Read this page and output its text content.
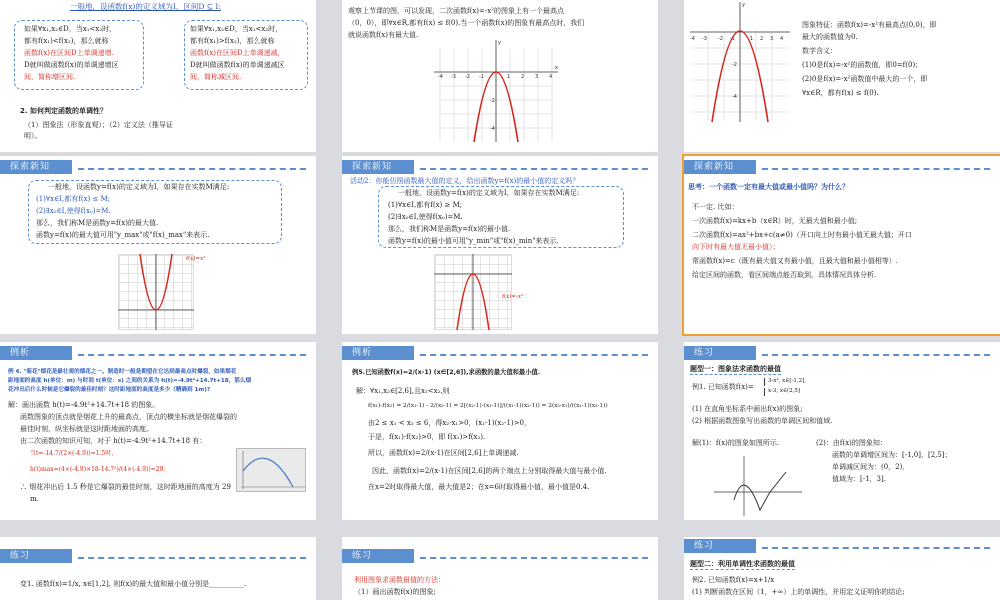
一般地，设函数f(x)的定义域为I，区间D ⊆ I:
如果∀x₁,x₂∈D，当x₁<x₂时，
都有f(x₁)<f(x₂)，那么就称
函数f(x)在区间D上单调递增.
D就叫做函数f(x)的单调递增区
间，简称增区间.
如果∀x₁,x₂∈D，当x₁<x₂时，
都有f(x₁)>f(x₂)，那么就称
函数f(x)在区间D上单调递减，
D就叫做函数f(x)的单调递减区
间，简称减区间.
2. 如何判定函数的单调性？
（1）图象法（形象直观）；（2）定义法（推导证
明）。
观察上节课的图，可以发现，二次函数f(x)=-x²的图象上有一个最高点
（0，0），即∀x∈R,都有f(x) ≤ f(0).当一个函数f(x)的图象有最高点时，我们
就说函数f(x)有最大值.
-4 -3 -2 -1	1 2 3 4
x
y
-2
-4
-4 -3 -2 -1	1 2 3 4
y
-2
-4
图象特征：函数f(x)=-x²有最高点(0,0)，即
最大的函数值为0.
数学含义：
(1)0是f(x)=-x²的函数值，即0=f(0)；
(2)0是f(x)=-x²函数值中最大的一个，即
∀x∈R，都有f(x) ≤ f(0).
探索新知
一般地，设函数y=f(x)的定义域为I，如果存在实数M满足:
(1)∀x∈I,都有f(x) ≤ M;
(2)∃x₀∈I,使得f(x₀)=M.
那么，我们称M是函数y=f(x)的最大值.
函数y=f(x)的最大值可用"y_max"或"f(x)_max"来表示.
f(x)=x²
探索新知
活动2：你能仿照函数最大值的定义，给出函数y=f(x)的最小值的定义吗？
一般地，设函数y=f(x)的定义域为I，如果存在实数M满足:
(1)∀x∈I,都有f(x) ≥ M;
(2)∃x₀∈I,使得f(x₀)=M.
那么，我们称M是函数y=f(x)的最小值.
函数y=f(x)的最小值可用"y_min"或"f(x)_min"来表示.
f(x)=-x²
探索新知
思考：一个函数一定有最大值或最小值吗？为什么？
不一定. 比如：
一次函数f(x)=kx+b（x∈R）时，无最大值和最小值;
二次函数f(x)=ax²+bx+c(a≠0)（开口向上时有最小值无最大值；开口
向下时有最大值无最小值）；
常函数f(x)=c（既有最大值又有最小值，且最大值和最小值相等）.
给定区间的函数，看区间端点能否取到，具体情况具体分析.
例析
例 4. "菊花"烟花是最壮观的烟花之一。制造时一般是期望在它达到最高点时爆裂，如果烟花
距地面的高度 h(单位：m) 与时间 t(单位：s) 之间的关系为 h(t)=-4.9t²+14.7t+18，那么烟
花冲出后什么时候是它爆裂的最佳时刻？这时距地面的高度是多少（精确到 1m)?
解：画出函数 h(t)=-4.9t²+14.7t+18 的图象。
函数图象的顶点就是烟花上升的最高点，顶点的横坐标就是烟花爆裂的
最佳时刻，纵坐标就是这时距地面的高度。
由二次函数的知识可知，对于 h(t)=-4.9t²+14.7t+18 有：
当t=-14.7/(2×(-4.9))=1.5时，
h(t)max=(4×(-4.9)×18-14.7²)/(4×(-4.9))≈29.
∴ 烟花冲出后 1.5 秒是它爆裂的最佳时刻，这时距地面的高度为 29
m.
例析
例5.已知函数f(x)=2/(x-1) (x∈[2,6]),求函数的最大值和最小值.
解：∀x₁,x₂∈[2,6],且x₁<x₂,则
f(x₁)-f(x₂) = 2/(x₁-1) - 2/(x₂-1) = 2[(x₂-1)-(x₁-1)]/((x₁-1)(x₂-1)) = 2(x₂-x₁)/((x₁-1)(x₂-1))
由2 ≤ x₁ < x₂ ≤ 6，得x₂-x₁>0，(x₁-1)(x₂-1)>0，
于是，f(x₁)-f(x₂)>0，即 f(x₁)>f(x₂).
所以，函数f(x)=2/(x-1)在区间[2,6]上单调递减.
因此，函数f(x)=2/(x-1)在区间[2,6]的两个端点上分别取得最大值与最小值.
在x=2时取得最大值，最大值是2；在x=6时取得最小值，最小值是0.4.
练习
题型一：图象法求函数的最值
例1. 已知函数f(x)=
3-x², x∈[-1,2],
x-3, x∈(2,5]
(1) 在直角坐标系中画出f(x)的图象;
(2) 根据函数图象写出函数的单调区间和值域.
解(1)：f(x)的图象如图所示.	(2)：由f(x)的图象知：
函数的单调增区间为：[-1,0]，[2,5]；
单调减区间为：(0，2)．
值域为：[-1，3].
练习
变1. 函数f(x)=1/x, x∈[1,2], 则f(x)的最大值和最小值分别是__________.
练习
利用图象求函数最值的方法：
（1）画出函数f(x)的图象;
练习
题型二：利用单调性求函数的最值
例2. 已知函数f(x)=x+1/x
(1) 判断函数在区间（1，+∞）上的单调性，并用定义证明你的结论;
